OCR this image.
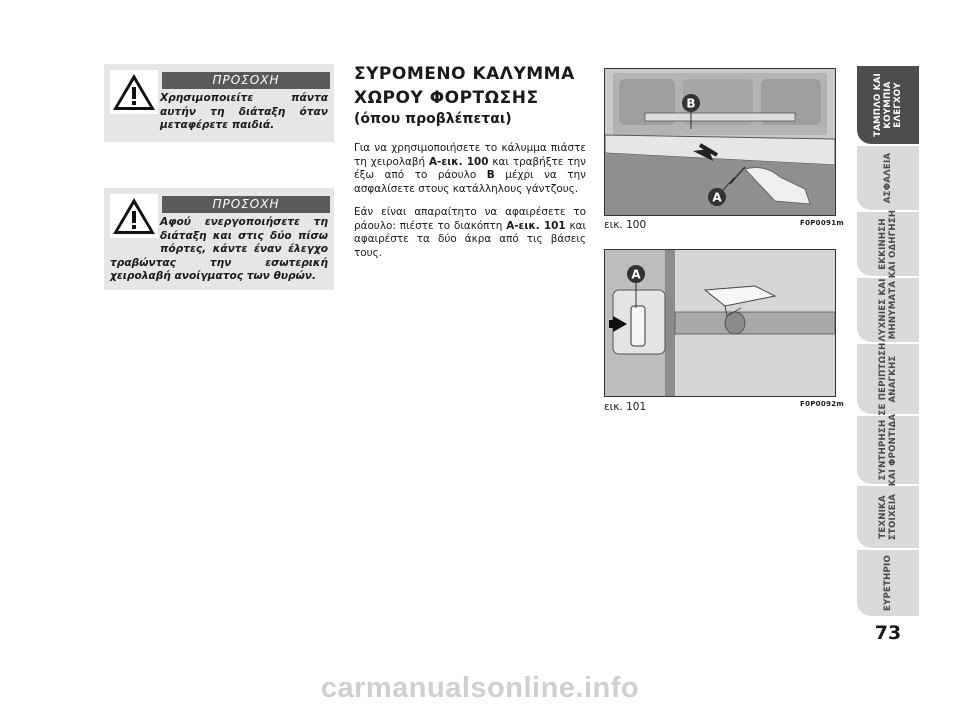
ΠΡΟΣΟΧΗ
Χρησιμοποιείτε πάντα αυτήν τη διάταξη όταν μεταφέρετε παιδιά.
ΠΡΟΣΟΧΗ
Αφού ενεργοποιήσετε τη διάταξη και στις δύο πίσω πόρτες, κάντε έναν έλεγχο τραβώντας την εσωτερική χειρολαβή ανοίγματος των θυρών.
ΣΥΡΟΜΕΝΟ ΚΑΛΥΜΜΑ ΧΩΡΟΥ ΦΟΡΤΩΣΗΣ
(όπου προβλέπεται)
Για να χρησιμοποιήσετε το κάλυμμα πιάστε τη χειρολαβή A-εικ. 100 και τραβήξτε την έξω από το ράουλο B μέχρι να την ασφαλίσετε στους κατάλληλους γάντζους.
Εάν είναι απαραίτητο να αφαιρέσετε το ράουλο: πιέστε το διακόπτη A-εικ. 101 και αφαιρέστε τα δύο άκρα από τις βάσεις τους.
B
A
εικ. 100	F0P0091m
A
εικ. 101	F0P0092m
ΤΑΜΠΛΟ ΚΑΙ
ΚΟΥΜΠΙΑ
ΕΛΕΓΧΟΥ
ΑΣΦΑΛΕΙΑ
ΕΚΚΙΝΗΣΗ
ΚΑΙ ΟΔΗΓΗΣΗ
ΛΥΧΝΙΕΣ ΚΑΙ
ΜΗΝΥΜΑΤΑ
ΣΕ ΠΕΡΙΠΤΩΣΗ
ΑΝΑΓΚΗΣ
ΣΥΝΤΗΡΗΣΗ
ΚΑΙ ΦΡΟΝΤΙΔΑ
ΤΕΧΝΙΚΑ
ΣΤΟΙΧΕΙΑ
ΕΥΡΕΤΗΡΙΟ
73
carmanualsonline.info
